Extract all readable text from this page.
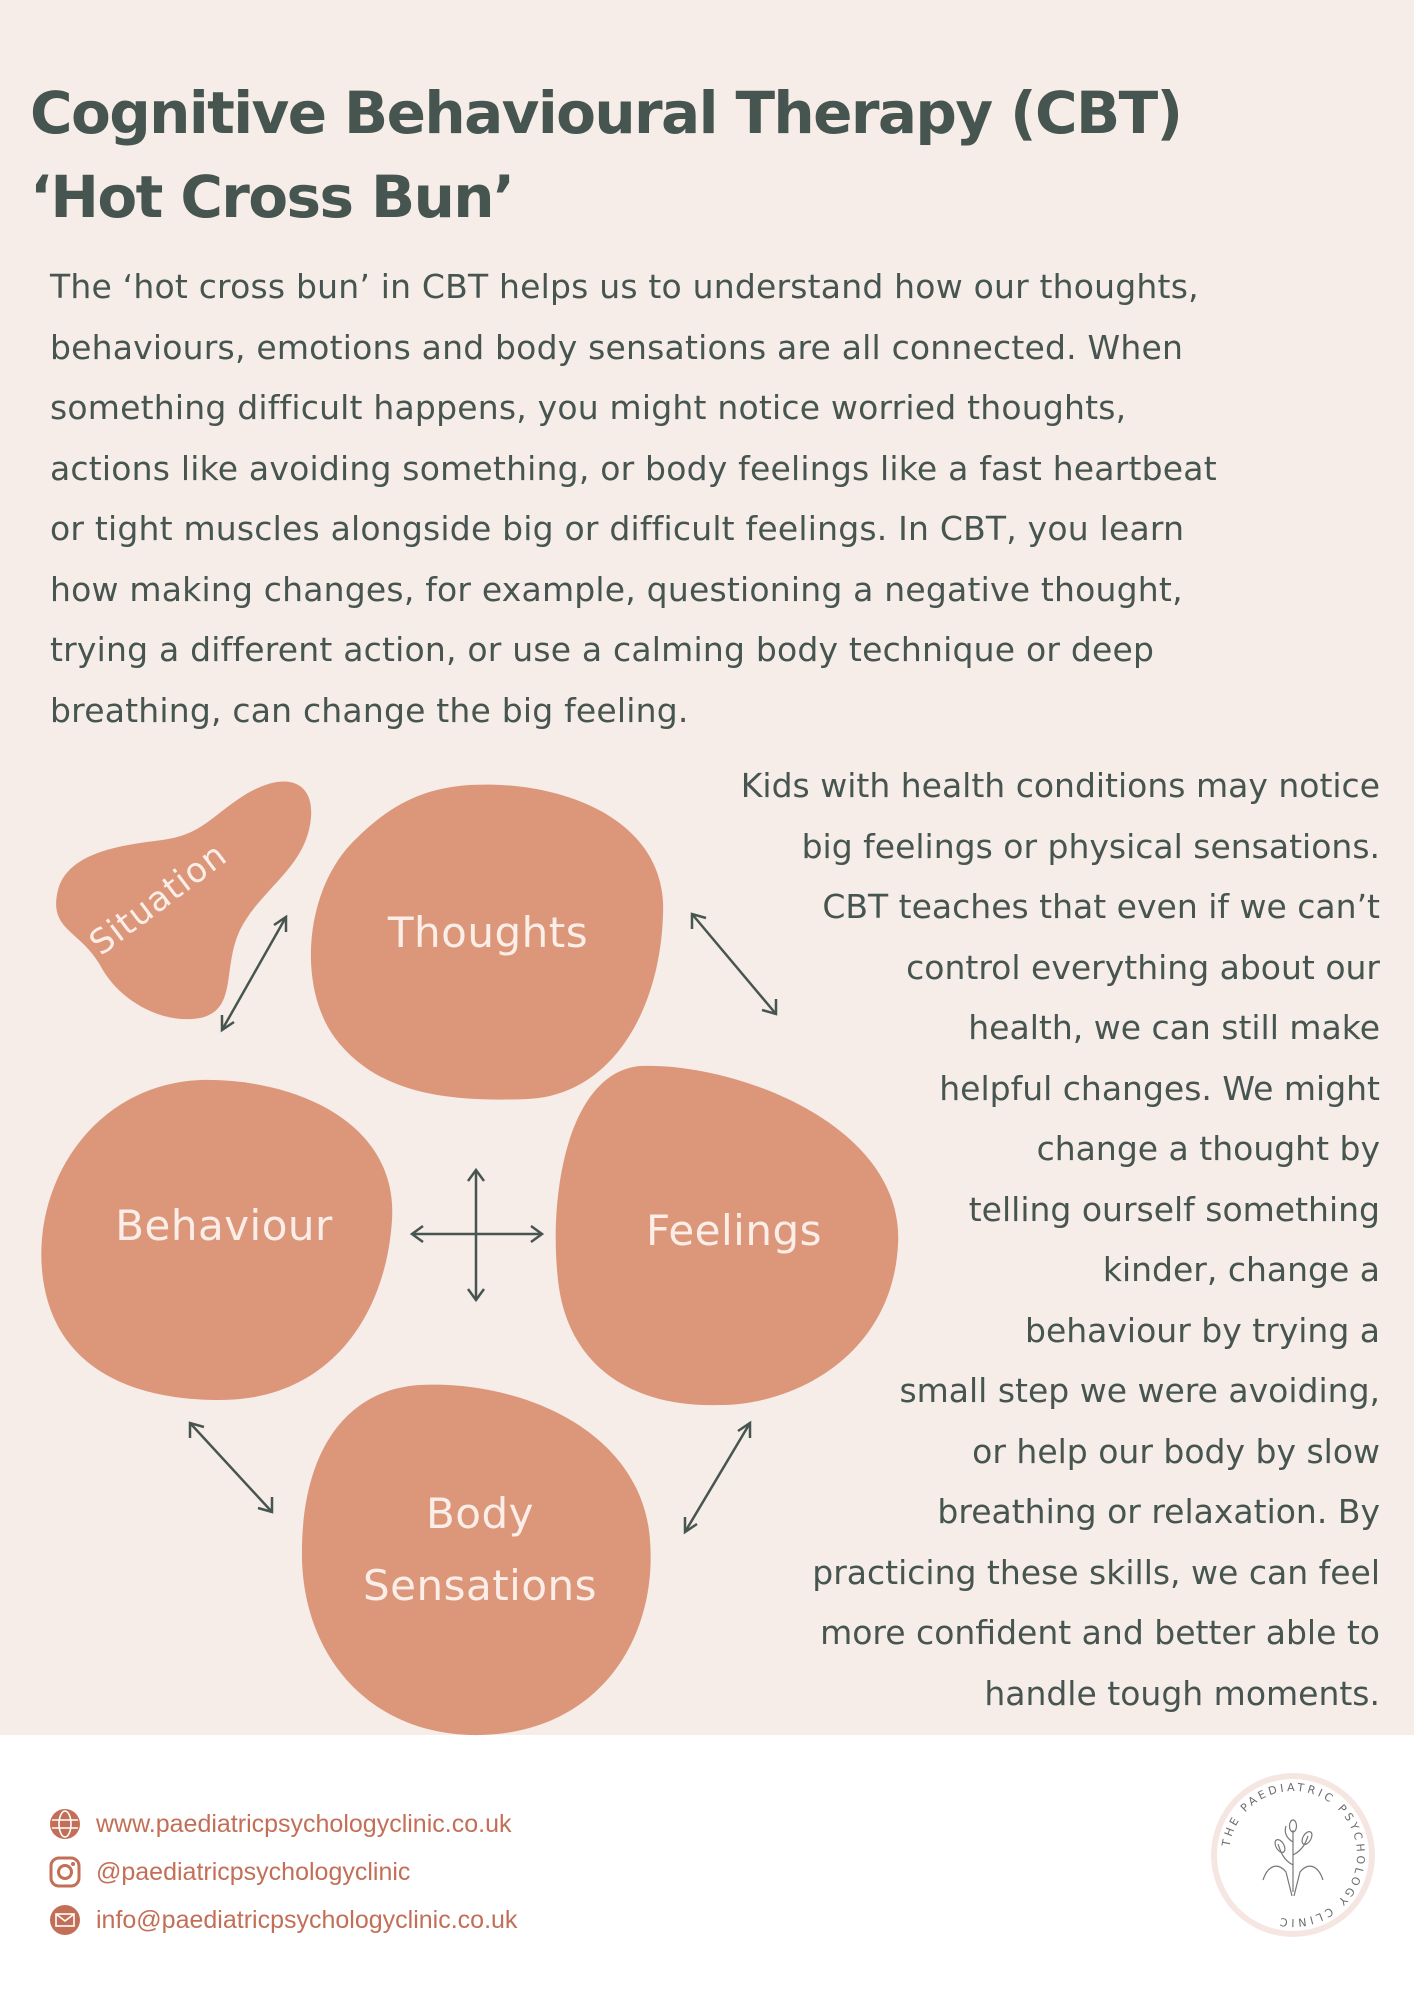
Cognitive Behavioural Therapy (CBT)
‘Hot Cross Bun’
The ‘hot cross bun’ in CBT helps us to understand how our thoughts,
behaviours, emotions and body sensations are all connected. When
something difficult happens, you might notice worried thoughts,
actions like avoiding something, or body feelings like a fast heartbeat
or tight muscles alongside big or difficult feelings. In CBT, you learn
how making changes, for example, questioning a negative thought,
trying a different action, or use a calming body technique or deep
breathing, can change the big feeling.
Situation	Thoughts
Behaviour	Feelings
Body
Sensations
Kids with health conditions may notice
big feelings or physical sensations.
CBT teaches that even if we can’t
control everything about our
health, we can still make
helpful changes. We might
change a thought by
telling ourself something
kinder, change a
behaviour by trying a
small step we were avoiding,
or help our body by slow
breathing or relaxation. By
practicing these skills, we can feel
more confident and better able to
handle tough moments.
www.paediatricpsychologyclinic.co.uk
@paediatricpsychologyclinic
info@paediatricpsychologyclinic.co.uk
THE PAEDIATRIC PSYCHOLOGY CLINIC
